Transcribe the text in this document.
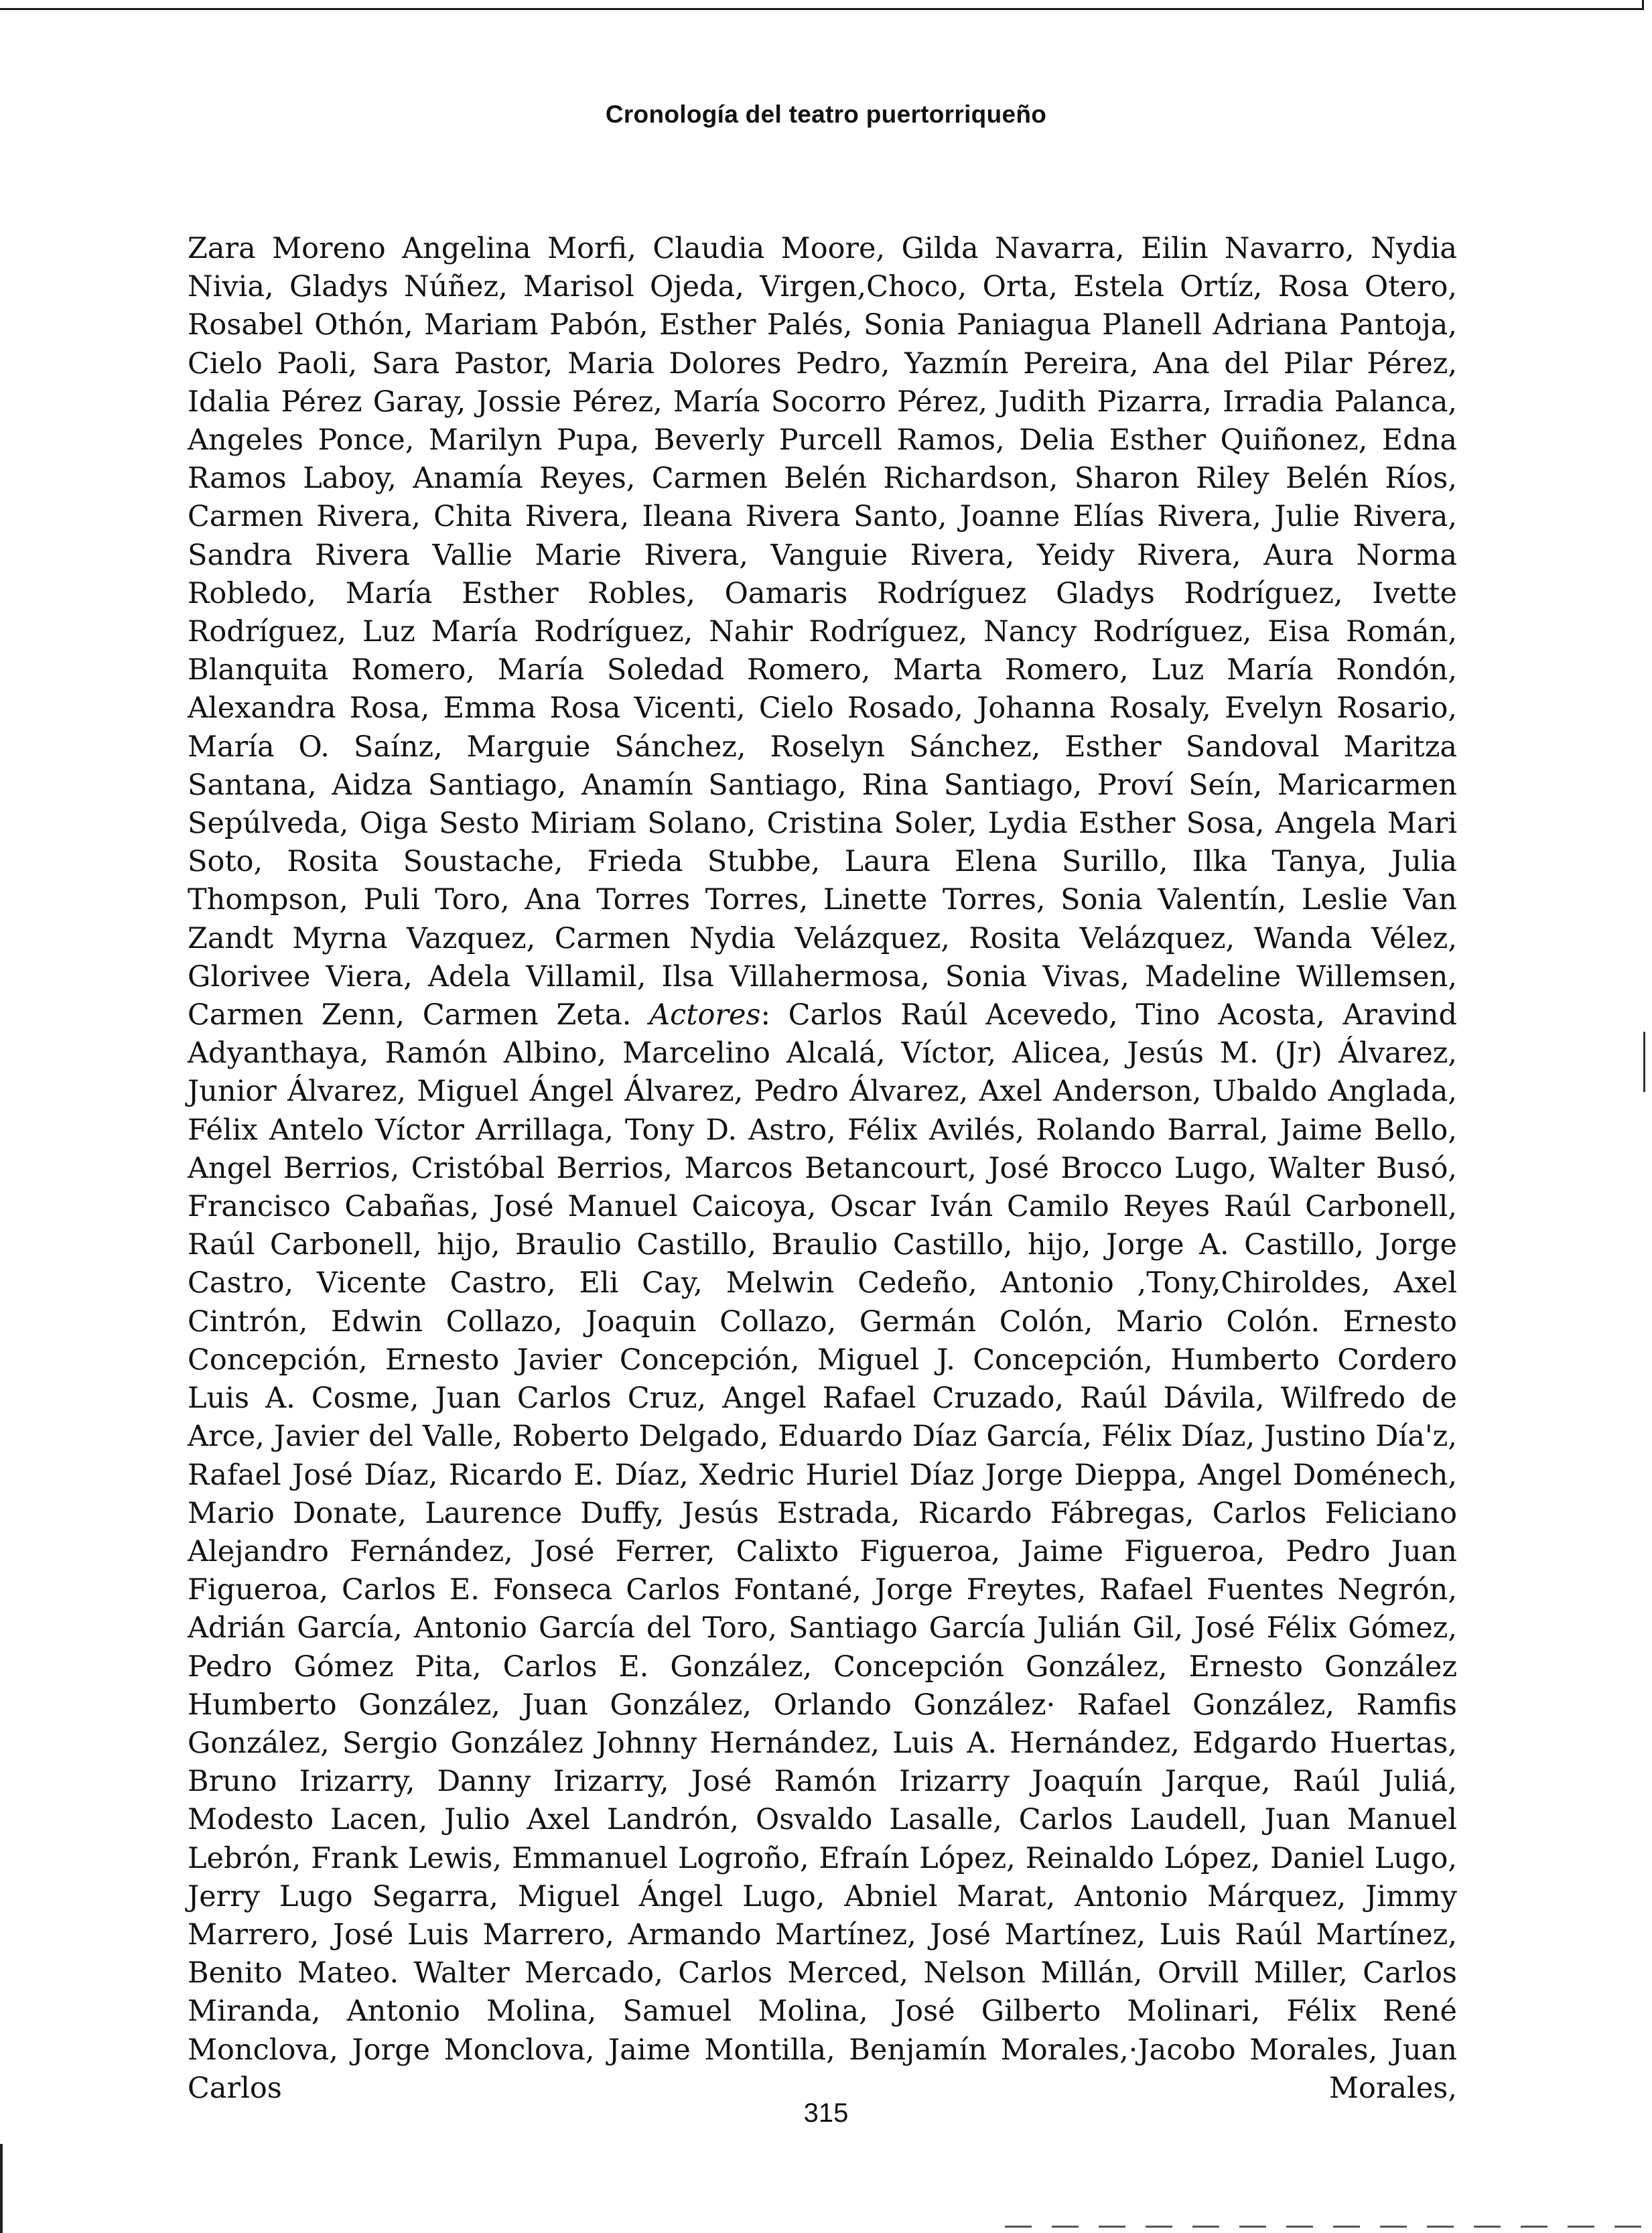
Cronología del teatro puertorriqueño

Zara Moreno Angelina Morfi, Claudia Moore, Gilda Navarra, Eilin Navarro, Nydia Nivia, Gladys Núñez, Marisol Ojeda, Virgen,Choco, Orta, Estela Ortíz, Rosa Otero, Rosabel Othón, Mariam Pabón, Esther Palés, Sonia Paniagua Planell Adriana Pantoja, Cielo Paoli, Sara Pastor, Maria Dolores Pedro, Yazmín Pereira, Ana del Pilar Pérez, Idalia Pérez Garay, Jossie Pérez, María Socorro Pérez, Judith Pizarra, Irradia Palanca, Angeles Ponce, Marilyn Pupa, Beverly Purcell Ramos, Delia Esther Quiñonez, Edna Ramos Laboy, Anamía Reyes, Carmen Belén Richardson, Sharon Riley Belén Ríos, Carmen Rivera, Chita Rivera, Ileana Rivera Santo, Joanne Elías Rivera, Julie Rivera, Sandra Rivera Vallie Marie Rivera, Vanguie Rivera, Yeidy Rivera, Aura Norma Robledo, María Esther Robles, Oamaris Rodríguez Gladys Rodríguez, Ivette Rodríguez, Luz María Rodríguez, Nahir Rodríguez, Nancy Rodríguez, Eisa Román, Blanquita Romero, María Soledad Romero, Marta Romero, Luz María Rondón, Alexandra Rosa, Emma Rosa Vicenti, Cielo Rosado, Johanna Rosaly, Evelyn Rosario, María O. Saínz, Marguie Sánchez, Roselyn Sánchez, Esther Sandoval Maritza Santana, Aidza Santiago, Anamín Santiago, Rina Santiago, Proví Seín, Maricarmen Sepúlveda, Oiga Sesto Miriam Solano, Cristina Soler, Lydia Esther Sosa, Angela Mari Soto, Rosita Soustache, Frieda Stubbe, Laura Elena Surillo, Ilka Tanya, Julia Thompson, Puli Toro, Ana Torres Torres, Linette Torres, Sonia Valentín, Leslie Van Zandt Myrna Vazquez, Carmen Nydia Velázquez, Rosita Velázquez, Wanda Vélez, Glorivee Viera, Adela Villamil, Ilsa Villahermosa, Sonia Vivas, Madeline Willemsen, Carmen Zenn, Carmen Zeta. Actores: Carlos Raúl Acevedo, Tino Acosta, Aravind Adyanthaya, Ramón Albino, Marcelino Alcalá, Víctor, Alicea, Jesús M. (Jr) Álvarez, Junior Álvarez, Miguel Ángel Álvarez, Pedro Álvarez, Axel Anderson, Ubaldo Anglada, Félix Antelo Víctor Arrillaga, Tony D. Astro, Félix Avilés, Rolando Barral, Jaime Bello, Angel Berrios, Cristóbal Berrios, Marcos Betancourt, José Brocco Lugo, Walter Busó, Francisco Cabañas, José Manuel Caicoya, Oscar Iván Camilo Reyes Raúl Carbonell, Raúl Carbonell, hijo, Braulio Castillo, Braulio Castillo, hijo, Jorge A. Castillo, Jorge Castro, Vicente Castro, Eli Cay, Melwin Cedeño, Antonio ,Tony,Chiroldes, Axel Cintrón, Edwin Collazo, Joaquin Collazo, Germán Colón, Mario Colón. Ernesto Concepción, Ernesto Javier Concepción, Miguel J. Concepción, Humberto Cordero Luis A. Cosme, Juan Carlos Cruz, Angel Rafael Cruzado, Raúl Dávila, Wilfredo de Arce, Javier del Valle, Roberto Delgado, Eduardo Díaz García, Félix Díaz, Justino Día'z, Rafael José Díaz, Ricardo E. Díaz, Xedric Huriel Díaz Jorge Dieppa, Angel Doménech, Mario Donate, Laurence Duffy, Jesús Estrada, Ricardo Fábregas, Carlos Feliciano Alejandro Fernández, José Ferrer, Calixto Figueroa, Jaime Figueroa, Pedro Juan Figueroa, Carlos E. Fonseca Carlos Fontané, Jorge Freytes, Rafael Fuentes Negrón, Adrián García, Antonio García del Toro, Santiago García Julián Gil, José Félix Gómez, Pedro Gómez Pita, Carlos E. González, Concepción González, Ernesto González Humberto González, Juan González, Orlando González· Rafael González, Ramfis González, Sergio González Johnny Hernández, Luis A. Hernández, Edgardo Huertas, Bruno Irizarry, Danny Irizarry, José Ramón Irizarry Joaquín Jarque, Raúl Juliá, Modesto Lacen, Julio Axel Landrón, Osvaldo Lasalle, Carlos Laudell, Juan Manuel Lebrón, Frank Lewis, Emmanuel Logroño, Efraín López, Reinaldo López, Daniel Lugo, Jerry Lugo Segarra, Miguel Ángel Lugo, Abniel Marat, Antonio Márquez, Jimmy Marrero, José Luis Marrero, Armando Martínez, José Martínez, Luis Raúl Martínez, Benito Mateo. Walter Mercado, Carlos Merced, Nelson Millán, Orvill Miller, Carlos Miranda, Antonio Molina, Samuel Molina, José Gilberto Molinari, Félix René Monclova, Jorge Monclova, Jaime Montilla, Benjamín Morales,·Jacobo Morales, Juan Carlos Morales,

315
